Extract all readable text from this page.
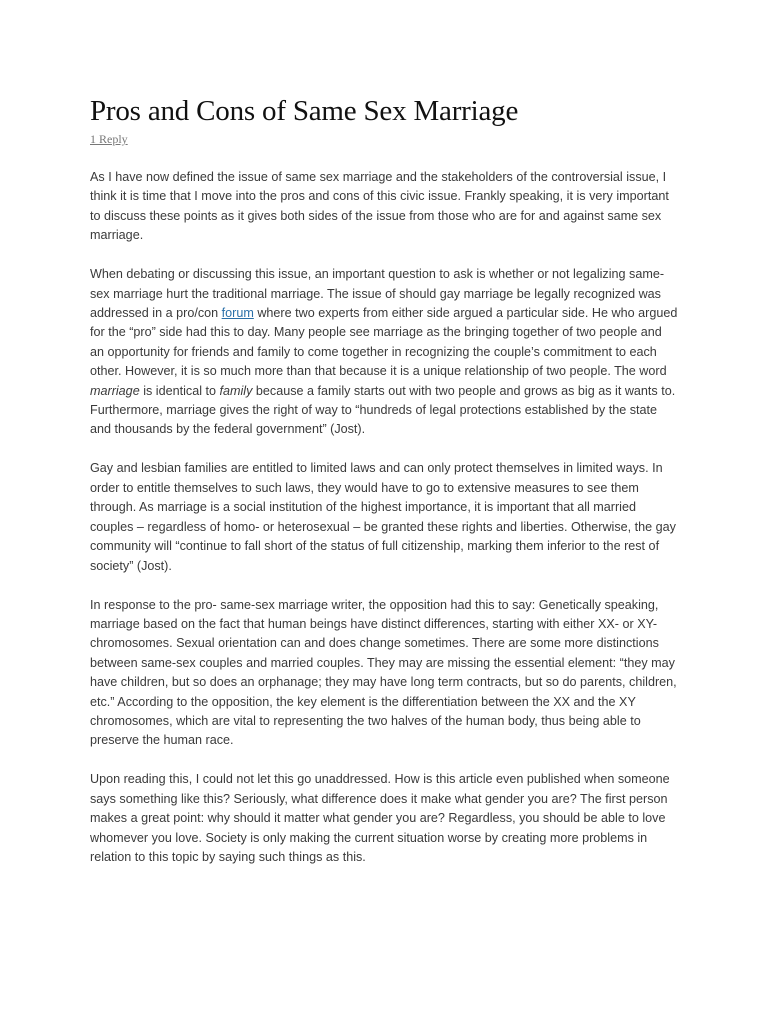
Pros and Cons of Same Sex Marriage
1 Reply

As I have now defined the issue of same sex marriage and the stakeholders of the controversial issue, I think it is time that I move into the pros and cons of this civic issue. Frankly speaking, it is very important to discuss these points as it gives both sides of the issue from those who are for and against same sex marriage.

When debating or discussing this issue, an important question to ask is whether or not legalizing same-sex marriage hurt the traditional marriage. The issue of should gay marriage be legally recognized was addressed in a pro/con forum where two experts from either side argued a particular side. He who argued for the “pro” side had this to day. Many people see marriage as the bringing together of two people and an opportunity for friends and family to come together in recognizing the couple’s commitment to each other. However, it is so much more than that because it is a unique relationship of two people. The word marriage is identical to family because a family starts out with two people and grows as big as it wants to. Furthermore, marriage gives the right of way to “hundreds of legal protections established by the state and thousands by the federal government” (Jost).

Gay and lesbian families are entitled to limited laws and can only protect themselves in limited ways. In order to entitle themselves to such laws, they would have to go to extensive measures to see them through. As marriage is a social institution of the highest importance, it is important that all married couples – regardless of homo- or heterosexual – be granted these rights and liberties. Otherwise, the gay community will “continue to fall short of the status of full citizenship, marking them inferior to the rest of society” (Jost).

In response to the pro- same-sex marriage writer, the opposition had this to say: Genetically speaking, marriage based on the fact that human beings have distinct differences, starting with either XX- or XY-chromosomes. Sexual orientation can and does change sometimes. There are some more distinctions between same-sex couples and married couples. They may are missing the essential element: “they may have children, but so does an orphanage; they may have long term contracts, but so do parents, children, etc.” According to the opposition, the key element is the differentiation between the XX and the XY chromosomes, which are vital to representing the two halves of the human body, thus being able to preserve the human race.

Upon reading this, I could not let this go unaddressed. How is this article even published when someone says something like this? Seriously, what difference does it make what gender you are? The first person makes a great point: why should it matter what gender you are? Regardless, you should be able to love whomever you love. Society is only making the current situation worse by creating more problems in relation to this topic by saying such things as this.
